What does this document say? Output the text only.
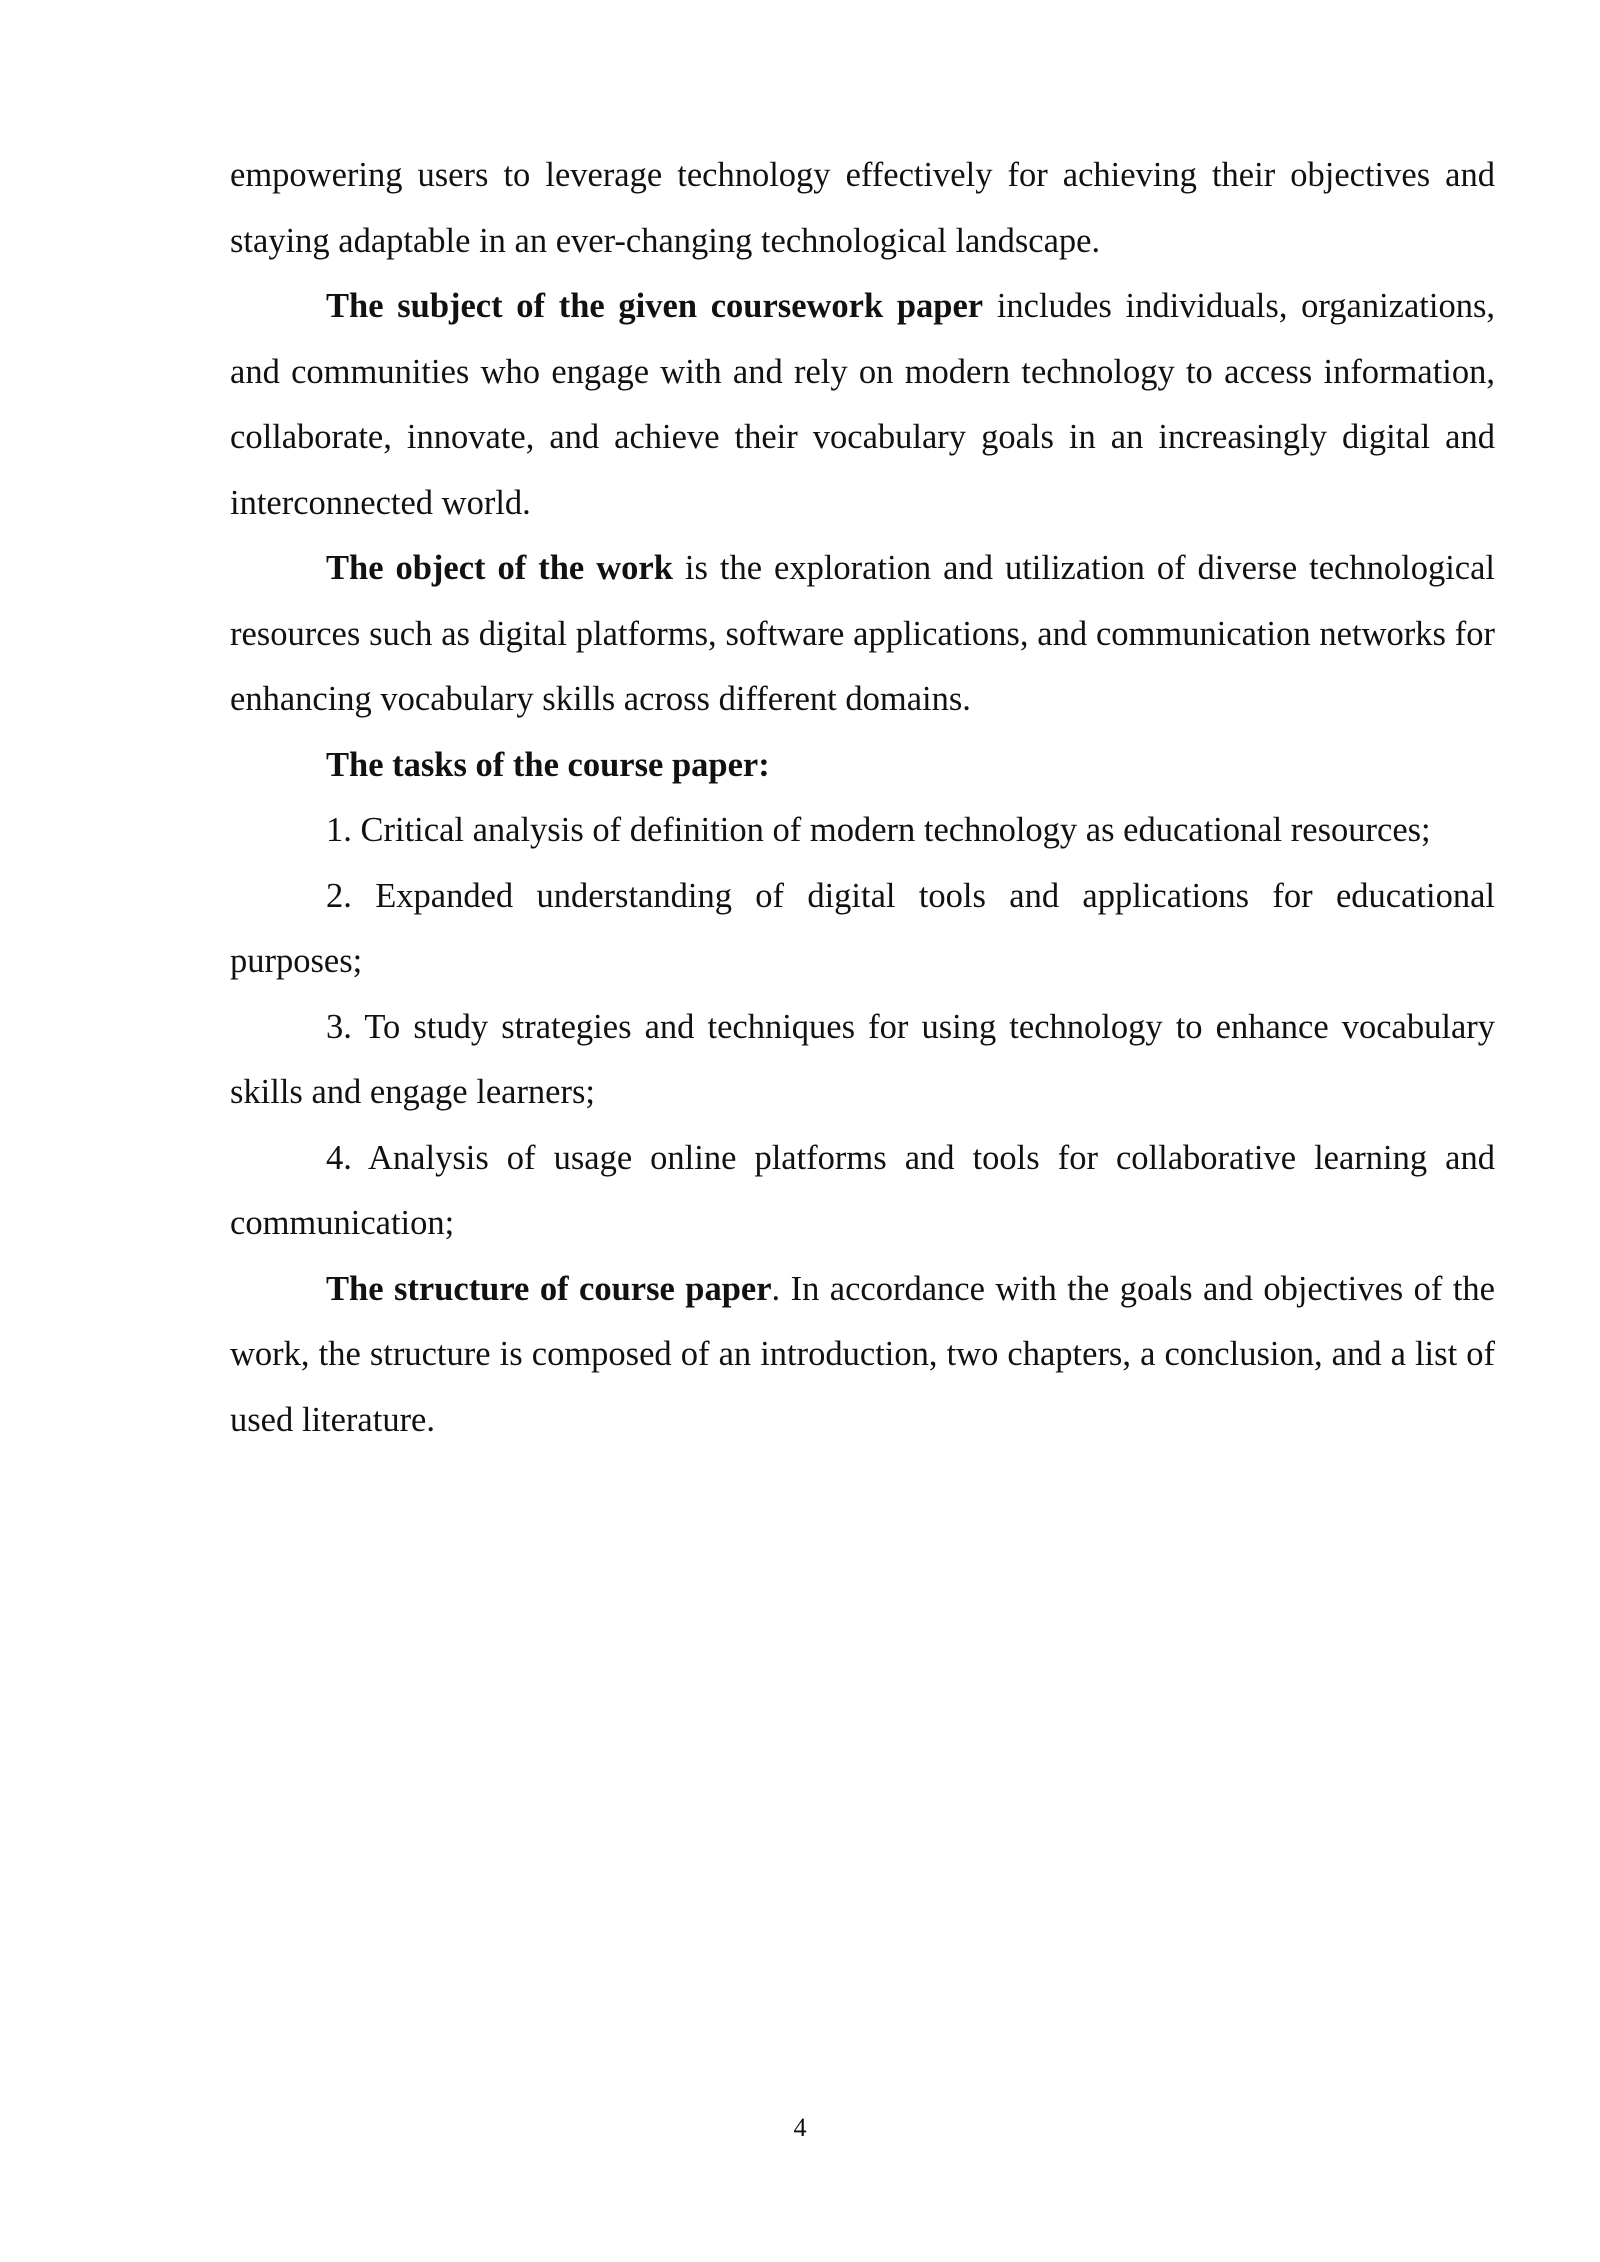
empowering users to leverage technology effectively for achieving their objectives and staying adaptable in an ever-changing technological landscape.

The subject of the given coursework paper includes individuals, organizations, and communities who engage with and rely on modern technology to access information, collaborate, innovate, and achieve their vocabulary goals in an increasingly digital and interconnected world.

The object of the work is the exploration and utilization of diverse technological resources such as digital platforms, software applications, and communication networks for enhancing vocabulary skills across different domains.

The tasks of the course paper:

1. Critical analysis of definition of modern technology as educational resources;

2. Expanded understanding of digital tools and applications for educational purposes;

3. To study strategies and techniques for using technology to enhance vocabulary skills and engage learners;

4. Analysis of usage online platforms and tools for collaborative learning and communication;

The structure of course paper. In accordance with the goals and objectives of the work, the structure is composed of an introduction, two chapters, a conclusion, and a list of used literature.

4
